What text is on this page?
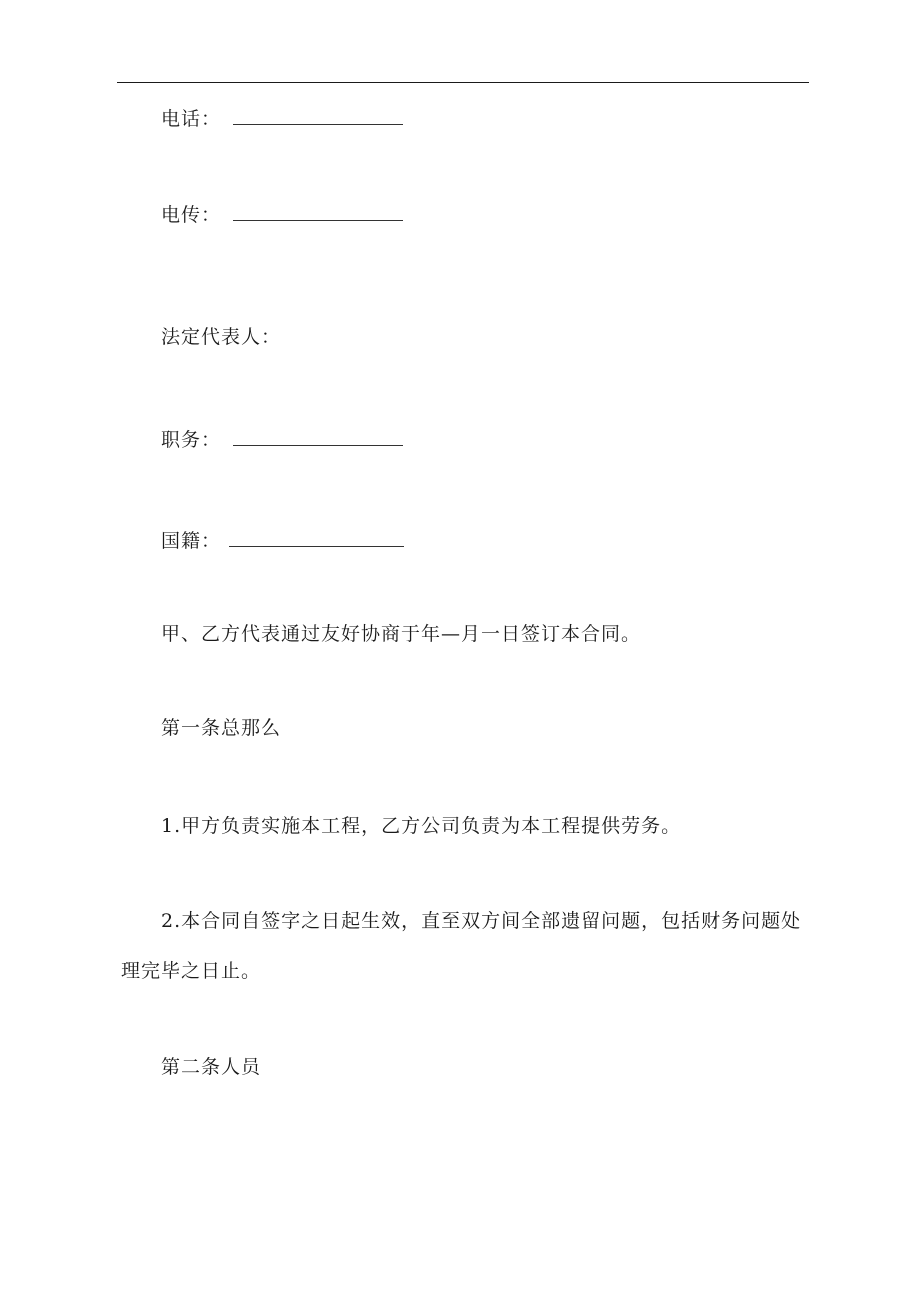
电话：
电传：
法定代表人：
职务：
国籍：
甲、乙方代表通过友好协商于年—月一日签订本合同。
第一条总那么
1.甲方负责实施本工程，乙方公司负责为本工程提供劳务。
2.本合同自签字之日起生效，直至双方间全部遗留问题，包括财务问题处
理完毕之日止。
第二条人员
